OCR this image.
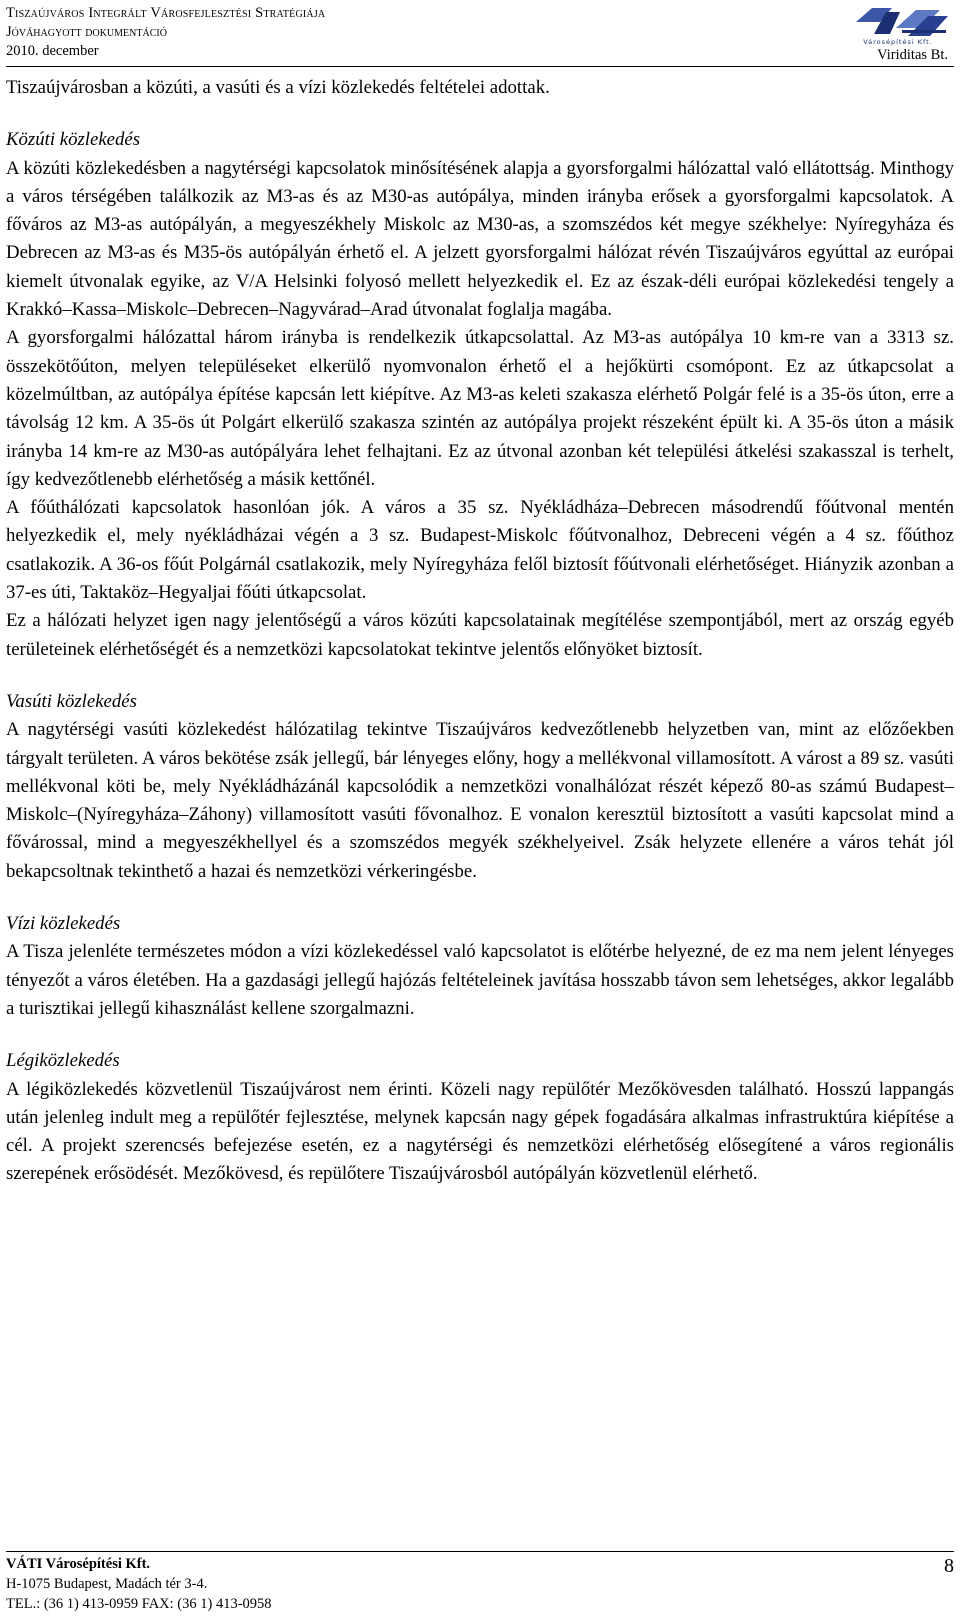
Tiszaújváros Integrált Városfejlesztési Stratégiája
Jóváhagyott dokumentáció
2010. december
Városépítési Kft.
Viriditas Bt.

Tiszaújvárosban a közúti, a vasúti és a vízi közlekedés feltételei adottak.

Közúti közlekedés

A közúti közlekedésben a nagytérségi kapcsolatok minősítésének alapja a gyorsforgalmi hálózattal való ellátottság. Minthogy a város térségében találkozik az M3-as és az M30-as autópálya, minden irányba erősek a gyorsforgalmi kapcsolatok. A főváros az M3-as autópályán, a megyeszékhely Miskolc az M30-as, a szomszédos két megye székhelye: Nyíregyháza és Debrecen az M3-as és M35-ös autópályán érhető el. A jelzett gyorsforgalmi hálózat révén Tiszaújváros egyúttal az európai kiemelt útvonalak egyike, az V/A Helsinki folyosó mellett helyezkedik el. Ez az észak-déli európai közlekedési tengely a Krakkó–Kassa–Miskolc–Debrecen–Nagyvárad–Arad útvonalat foglalja magába.

A gyorsforgalmi hálózattal három irányba is rendelkezik útkapcsolattal. Az M3-as autópálya 10 km-re van a 3313 sz. összekötőúton, melyen településeket elkerülő nyomvonalon érhető el a hejőkürti csomópont. Ez az útkapcsolat a közelmúltban, az autópálya építése kapcsán lett kiépítve. Az M3-as keleti szakasza elérhető Polgár felé is a 35-ös úton, erre a távolság 12 km. A 35-ös út Polgárt elkerülő szakasza szintén az autópálya projekt részeként épült ki. A 35-ös úton a másik irányba 14 km-re az M30-as autópályára lehet felhajtani. Ez az útvonal azonban két települési átkelési szakasszal is terhelt, így kedvezőtlenebb elérhetőség a másik kettőnél.

A főúthálózati kapcsolatok hasonlóan jók. A város a 35 sz. Nyékládháza–Debrecen másodrendű főútvonal mentén helyezkedik el, mely nyékládházai végén a 3 sz. Budapest-Miskolc főútvonalhoz, Debreceni végén a 4 sz. főúthoz csatlakozik. A 36-os főút Polgárnál csatlakozik, mely Nyíregyháza felől biztosít főútvonali elérhetőséget. Hiányzik azonban a 37-es úti, Taktaköz–Hegyaljai főúti útkapcsolat.

Ez a hálózati helyzet igen nagy jelentőségű a város közúti kapcsolatainak megítélése szempontjából, mert az ország egyéb területeinek elérhetőségét és a nemzetközi kapcsolatokat tekintve jelentős előnyöket biztosít.

Vasúti közlekedés

A nagytérségi vasúti közlekedést hálózatilag tekintve Tiszaújváros kedvezőtlenebb helyzetben van, mint az előzőekben tárgyalt területen. A város bekötése zsák jellegű, bár lényeges előny, hogy a mellékvonal villamosított. A várost a 89 sz. vasúti mellékvonal köti be, mely Nyékládházánál kapcsolódik a nemzetközi vonalhálózat részét képező 80-as számú Budapest–Miskolc–(Nyíregyháza–Záhony) villamosított vasúti fővonalhoz. E vonalon keresztül biztosított a vasúti kapcsolat mind a fővárossal, mind a megyeszékhellyel és a szomszédos megyék székhelyeivel. Zsák helyzete ellenére a város tehát jól bekapcsoltnak tekinthető a hazai és nemzetközi vérkeringésbe.

Vízi közlekedés

A Tisza jelenléte természetes módon a vízi közlekedéssel való kapcsolatot is előtérbe helyezné, de ez ma nem jelent lényeges tényezőt a város életében. Ha a gazdasági jellegű hajózás feltételeinek javítása hosszabb távon sem lehetséges, akkor legalább a turisztikai jellegű kihasználást kellene szorgalmazni.

Légiközlekedés

A légiközlekedés közvetlenül Tiszaújvárost nem érinti. Közeli nagy repülőtér Mezőkövesden található. Hosszú lappangás után jelenleg indult meg a repülőtér fejlesztése, melynek kapcsán nagy gépek fogadására alkalmas infrastruktúra kiépítése a cél. A projekt szerencsés befejezése esetén, ez a nagytérségi és nemzetközi elérhetőség elősegítené a város regionális szerepének erősödését. Mezőkövesd, és repülőtere Tiszaújvárosból autópályán közvetlenül elérhető.

VÁTI Városépítési Kft.
H-1075 Budapest, Madách tér 3-4.
TEL.: (36 1) 413-0959 FAX: (36 1) 413-0958
8
